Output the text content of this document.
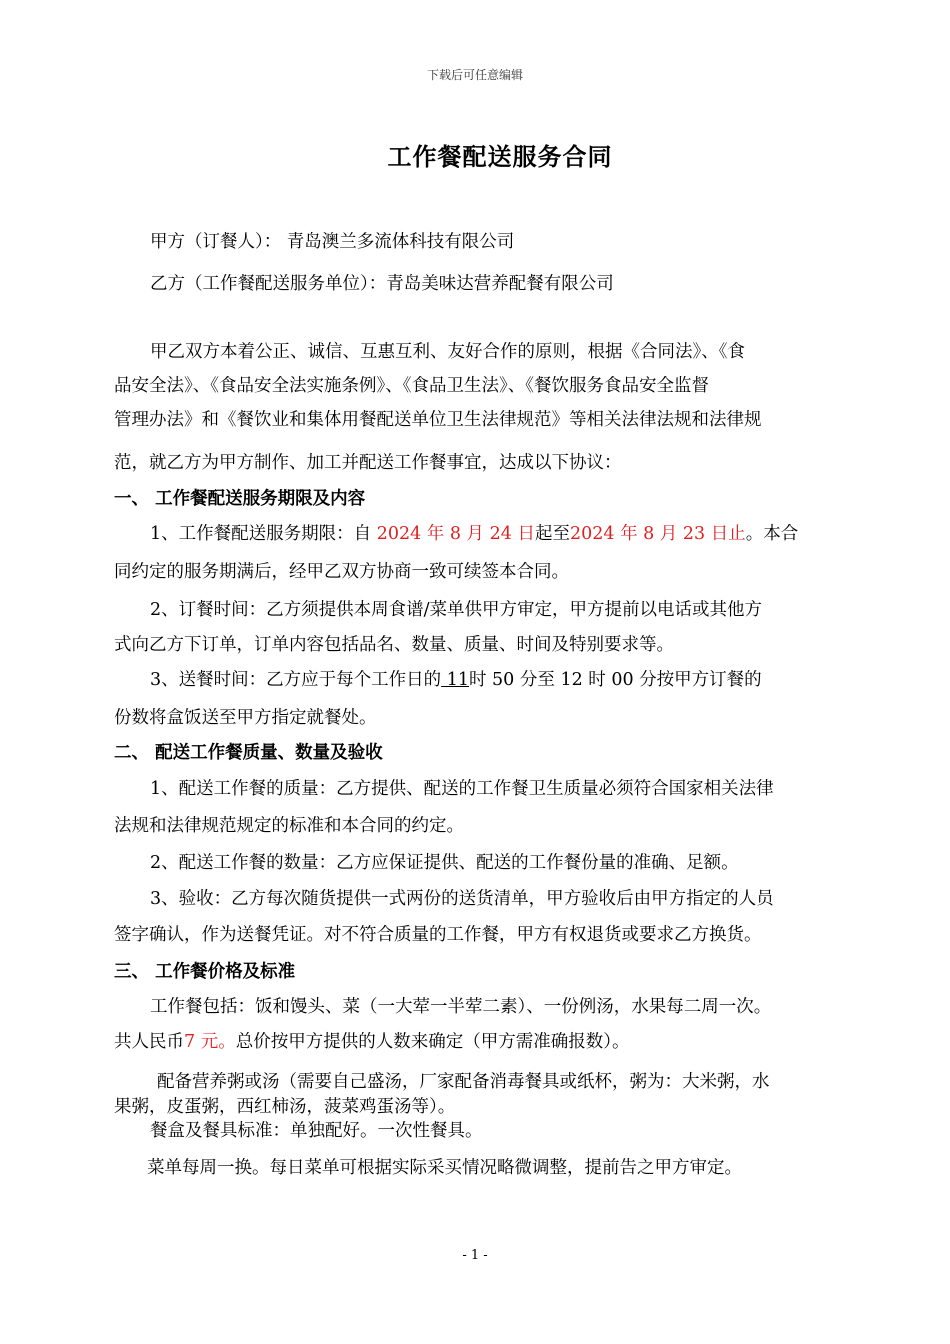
下载后可任意编辑
工作餐配送服务合同
甲方（订餐人）： 青岛澳兰多流体科技有限公司
乙方（工作餐配送服务单位）：青岛美味达营养配餐有限公司
甲乙双方本着公正、诚信、互惠互利、友好合作的原则，根据《合同法》、《食
品安全法》、《食品安全法实施条例》、《食品卫生法》、《餐饮服务食品安全监督
管理办法》和《餐饮业和集体用餐配送单位卫生法律规范》等相关法律法规和法律规
范，就乙方为甲方制作、加工并配送工作餐事宜，达成以下协议：
一、 工作餐配送服务期限及内容
1、工作餐配送服务期限：自 2024 年 8 月 24 日起至2024 年 8 月 23 日止。本合
同约定的服务期满后，经甲乙双方协商一致可续签本合同。
2、订餐时间：乙方须提供本周食谱/菜单供甲方审定，甲方提前以电话或其他方
式向乙方下订单，订单内容包括品名、数量、质量、时间及特别要求等。
3、送餐时间：乙方应于每个工作日的 11时 50 分至 12 时 00 分按甲方订餐的
份数将盒饭送至甲方指定就餐处。
二、 配送工作餐质量、数量及验收
1、配送工作餐的质量：乙方提供、配送的工作餐卫生质量必须符合国家相关法律
法规和法律规范规定的标准和本合同的约定。
2、配送工作餐的数量：乙方应保证提供、配送的工作餐份量的准确、足额。
3、验收：乙方每次随货提供一式两份的送货清单，甲方验收后由甲方指定的人员
签字确认，作为送餐凭证。对不符合质量的工作餐，甲方有权退货或要求乙方换货。
三、 工作餐价格及标准
工作餐包括：饭和馒头、菜（一大荤一半荤二素）、一份例汤，水果每二周一次。
共人民币7 元。总价按甲方提供的人数来确定（甲方需准确报数）。
配备营养粥或汤（需要自己盛汤，厂家配备消毒餐具或纸杯，粥为：大米粥，水
果粥，皮蛋粥，西红柿汤，菠菜鸡蛋汤等）。
餐盒及餐具标准：单独配好。一次性餐具。
菜单每周一换。每日菜单可根据实际采买情况略微调整，提前告之甲方审定。
- 1 -
